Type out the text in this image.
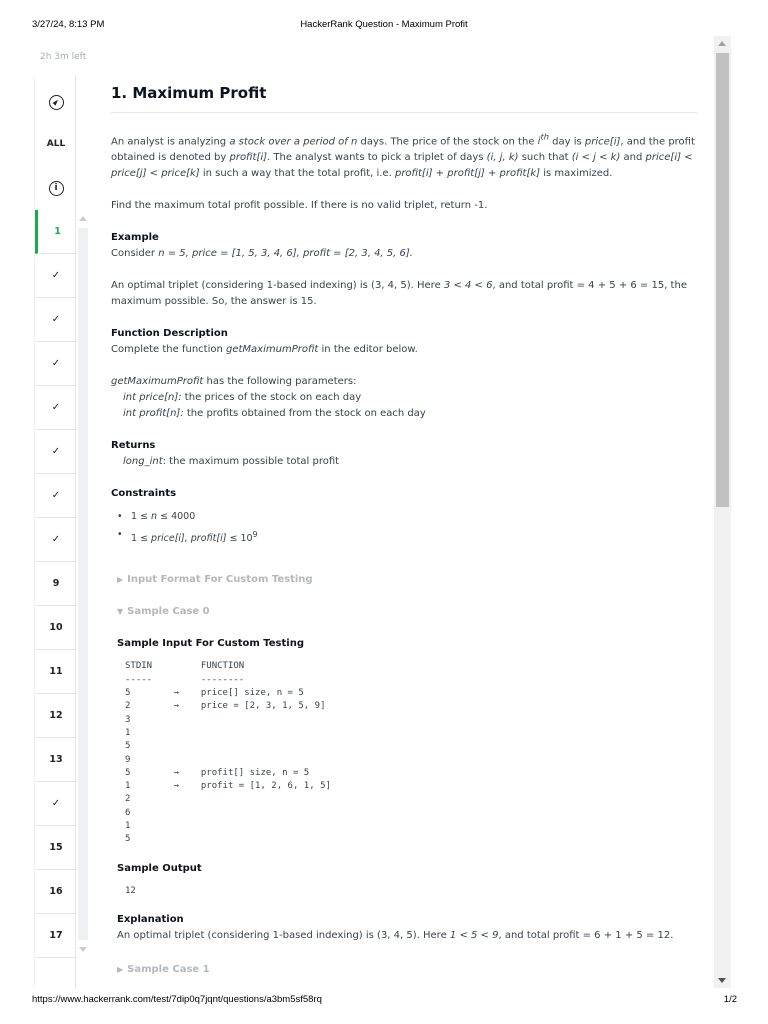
3/27/24, 8:13 PM	HackerRank Question - Maximum Profit
2h 3m left
ALL
i
1
✓
✓
✓
✓
✓
✓
✓
9
10
11
12
13
✓
15
16
17
1. Maximum Profit
An analyst is analyzing a stock over a period of n days. The price of the stock on the $i^{th}$ day is price[i], and the profit obtained is denoted by profit[i]. The analyst wants to pick a triplet of days (i, j, k) such that (i < j < k) and price[i] < price[j] < price[k] in such a way that the total profit, i.e. profit[i] + profit[j] + profit[k] is maximized.
Find the maximum total profit possible. If there is no valid triplet, return -1.
Example
Consider n = 5, price = [1, 5, 3, 4, 6], profit = [2, 3, 4, 5, 6].
An optimal triplet (considering 1-based indexing) is (3, 4, 5). Here 3 < 4 < 6, and total profit = 4 + 5 + 6 = 15, the maximum possible. So, the answer is 15.
Function Description
Complete the function getMaximumProfit in the editor below.
getMaximumProfit has the following parameters:
int price[n]: the prices of the stock on each day
int profit[n]: the profits obtained from the stock on each day
Returns
long_int: the maximum possible total profit
Constraints
• 1 ≤ n ≤ 4000
• 1 ≤ price[i], profit[i] ≤ $10^9$
▶ Input Format For Custom Testing
▼ Sample Case 0
Sample Input For Custom Testing
STDIN         FUNCTION
-----         --------
5        →    price[] size, n = 5
2        →    price = [2, 3, 1, 5, 9]
3
1
5
9
5        →    profit[] size, n = 5
1        →    profit = [1, 2, 6, 1, 5]
2
6
1
5
Sample Output
12
Explanation
An optimal triplet (considering 1-based indexing) is (3, 4, 5). Here 1 < 5 < 9, and total profit = 6 + 1 + 5 = 12.
▶ Sample Case 1
https://www.hackerrank.com/test/7dip0q7jqnt/questions/a3bm5sf58rq	1/2
